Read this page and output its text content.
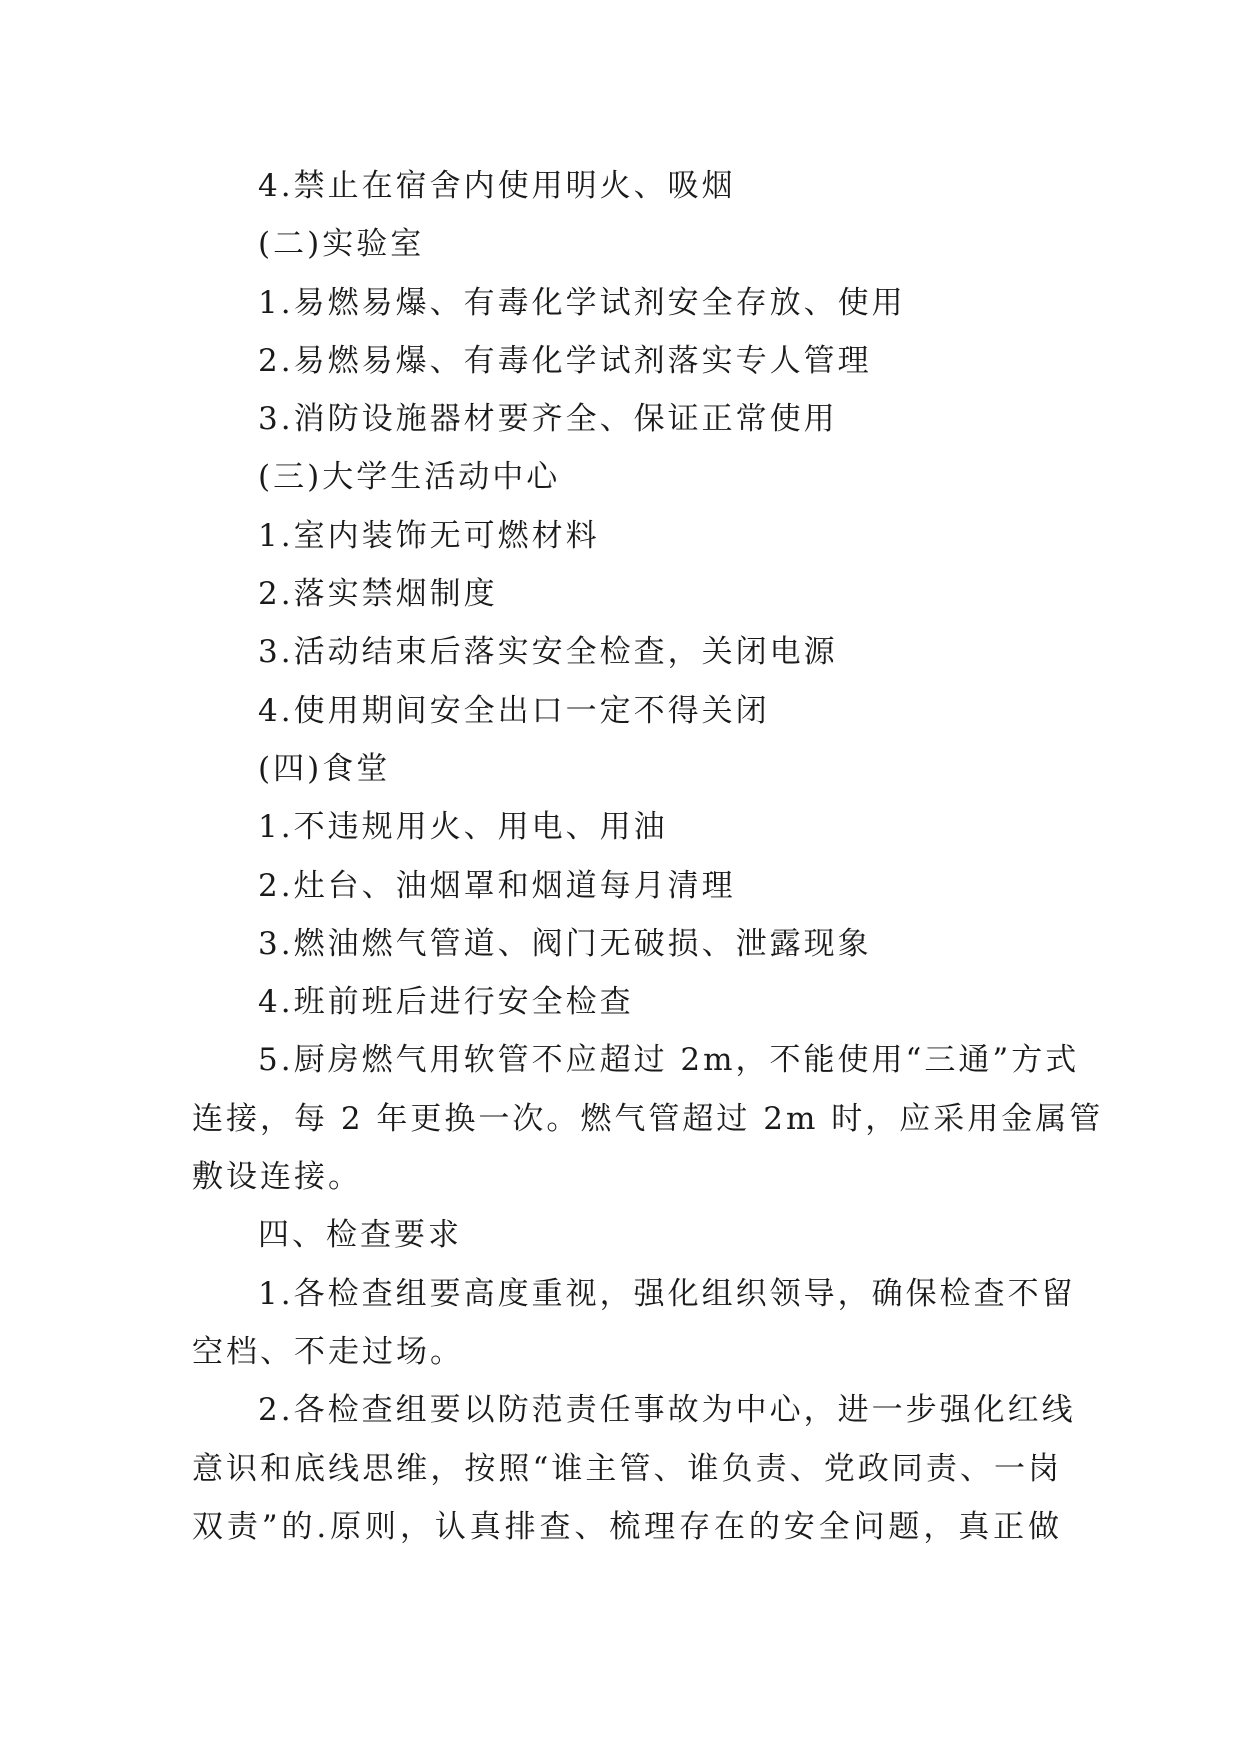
4.禁止在宿舍内使用明火、吸烟
(二)实验室
1.易燃易爆、有毒化学试剂安全存放、使用
2.易燃易爆、有毒化学试剂落实专人管理
3.消防设施器材要齐全、保证正常使用
(三)大学生活动中心
1.室内装饰无可燃材料
2.落实禁烟制度
3.活动结束后落实安全检查，关闭电源
4.使用期间安全出口一定不得关闭
(四)食堂
1.不违规用火、用电、用油
2.灶台、油烟罩和烟道每月清理
3.燃油燃气管道、阀门无破损、泄露现象
4.班前班后进行安全检查
5.厨房燃气用软管不应超过 2m，不能使用“三通”方式
连接，每 2 年更换一次。燃气管超过 2m 时，应采用金属管
敷设连接。
四、检查要求
1.各检查组要高度重视，强化组织领导，确保检查不留
空档、不走过场。
2.各检查组要以防范责任事故为中心，进一步强化红线
意识和底线思维，按照“谁主管、谁负责、党政同责、一岗
双责”的.原则，认真排查、梳理存在的安全问题，真正做
